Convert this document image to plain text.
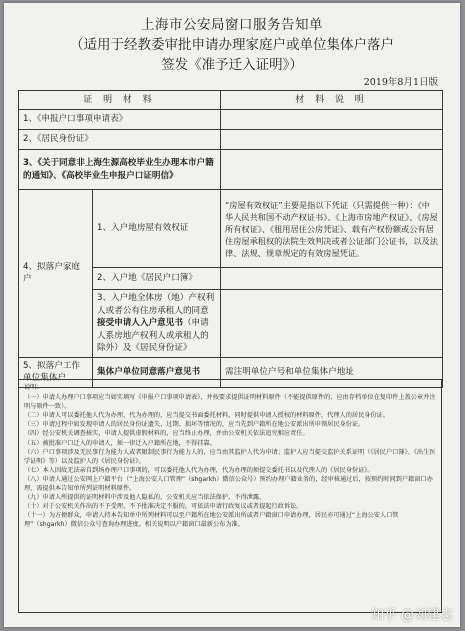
上海市公安局窗口服务告知单
（适用于经教委审批申请办理家庭户或单位集体户落户
签发《准予迁入证明》）
2019年8月1日版
证 明 材 料		材 料 说 明
1、《申报户口事项申请表》		
2、《居民身份证》		
3、《关于同意非上海生源高校毕业生办理本市户籍的通知》、《高校毕业生申报户口证明信》		
4、拟落户家庭户	1、入户地房屋有效权证	“房屋有效权证”主要是指以下凭证（只需提供一种）：《中华人民共和国不动产权证书》、《上海市房地产权证》、《房屋所有权证》、《租用居住公房凭证》、载有产权份额或公有居住房屋承租权的法院生效判决或者公证部门公证书，以及法律、法规、规章规定的有效房屋凭证。
	2、入户地《居民户口簿》	
	3、入户地全体房（地）产权利人或者公有住房承租人的同意接受申请人入户意见书（申请人系房地产权利人或承租人的除外）及《居民身份证》	
5、拟落户工作单位集体户	集体户单位同意落户意见书	需注明单位户号和单位集体户地址

说明：

（一）申请人办理户口事项应当如实填写《申报户口事项申请表》，并按要求提供证明材料原件（不能提供原件的，应由存档单位在复印件上盖公章并注明与原件一致）。

（二）申请人可以委托他人代为办理，代为办理的，应当提交书面委托材料，同时提供申请人授权的材料原件，代理人的居民身份证。

（三）申请过程中如发现申请人的居民身份证遗失、过期、损坏等情况的，应当先到户籍所在地公安派出所申领居民身份证。

（四）经公安机关调查核实，申请人提供虚假材料的，应当终止办理，并由公安机关依法追究相应责任。

（五）被批准户口迁入的申请人，须一律迁入户籍所在地，不得挂靠。

（六）户口事项涉及无民事行为能力人或者限制民事行为能力人的，应当由其监护人代为申请；监护人应当提交监护关系证明（《居民户口簿》、《出生医学证明》等）以及监护人的《居民身份证》。

（七）本人因故无法亲自到场办理户口事项的，可以委托他人代为办理，代为办理的须提交委托书以及代理人的《居民身份证》。

（八）申请人通过公安网上户籍平台（“上海公安人口管理”（shgarkh）微信公众号）预约办理户籍业务的，经审核通过后，按预约时间到户籍窗口办理，需提供本告知单所列证明材料原件。

（九）申请人所提供的证明材料中涉及他人隐私的，公安机关应当依法保护，不得泄露。

（十）对于公安机关作出的不予受理、不予批准决定不服的，可依法申请行政复议或者提起行政诉讼。

（十一）为方便群众，申请人持本告知单中所列材料可以至户籍所在地公安派出所或者户籍窗口申请办理，居民亦可通过“上海公安人口管理”（shgarkh）微信公众号查询办理进度。相关说明以户籍窗口最新公布为准。

知乎 @刘建志
